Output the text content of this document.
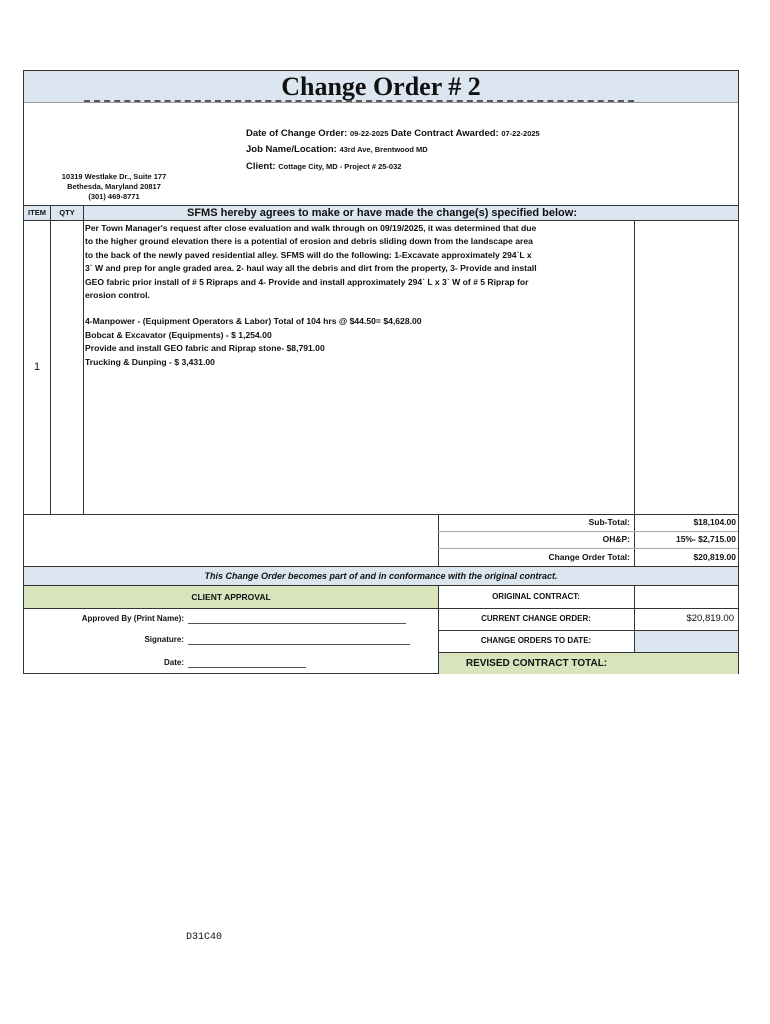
Change Order # 2
Date of Change Order: 09-22-2025 Date Contract Awarded: 07-22-2025
Job Name/Location: 43rd Ave, Brentwood MD
Client: Cottage City, MD - Project # 25-032
10319 Westlake Dr., Suite 177
Bethesda, Maryland 20817
(301) 469-8771
ITEM	QTY	SFMS hereby agrees to make or have made the change(s) specified below:
1

Per Town Manager's request after close evaluation and walk through on 09/19/2025, it was determined that due
to the higher ground elevation there is a potential of erosion and debris sliding down from the landscape area
to the back of the newly paved residential alley. SFMS will do the following: 1-Excavate approximately 294`L x
3` W and prep for angle graded area. 2- haul way all the debris and dirt from the property, 3- Provide and install
GEO fabric prior install of # 5 Ripraps and 4- Provide and install approximately 294` L x 3` W of # 5 Riprap for
erosion control.

4-Manpower - (Equipment Operators & Labor) Total of 104 hrs @ $44.50= $4,628.00
Bobcat & Excavator (Equipments) - $ 1,254.00
Provide and install GEO fabric and Riprap stone- $8,791.00
Trucking & Dunping - $ 3,431.00

Sub-Total:	$18,104.00
OH&P:	15%- $2,715.00
Change Order Total:	$20,819.00
This Change Order becomes part of and in conformance with the original contract.
CLIENT APPROVAL
Approved By (Print Name):
Signature:
Date:
ORIGINAL CONTRACT:
CURRENT CHANGE ORDER:	$20,819.00
CHANGE ORDERS TO DATE:
REVISED CONTRACT TOTAL:
D31C40
